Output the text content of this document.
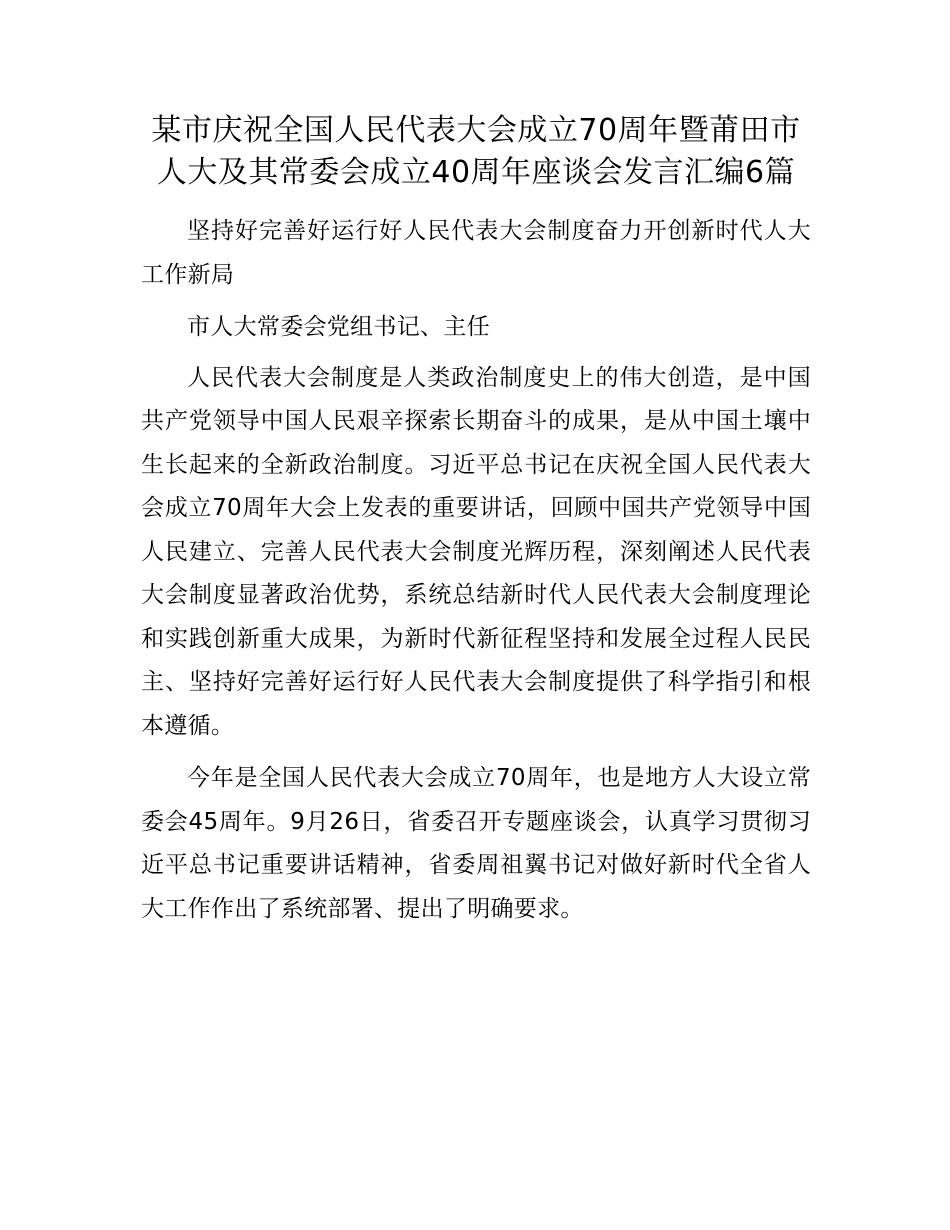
某市庆祝全国人民代表大会成立70周年暨莆田市人大及其常委会成立40周年座谈会发言汇编6篇

坚持好完善好运行好人民代表大会制度奋力开创新时代人大工作新局

市人大常委会党组书记、主任

人民代表大会制度是人类政治制度史上的伟大创造，是中国共产党领导中国人民艰辛探索长期奋斗的成果，是从中国土壤中生长起来的全新政治制度。习近平总书记在庆祝全国人民代表大会成立70周年大会上发表的重要讲话，回顾中国共产党领导中国人民建立、完善人民代表大会制度光辉历程，深刻阐述人民代表大会制度显著政治优势，系统总结新时代人民代表大会制度理论和实践创新重大成果，为新时代新征程坚持和发展全过程人民民主、坚持好完善好运行好人民代表大会制度提供了科学指引和根本遵循。

今年是全国人民代表大会成立70周年，也是地方人大设立常委会45周年。9月26日，省委召开专题座谈会，认真学习贯彻习近平总书记重要讲话精神，省委周祖翼书记对做好新时代全省人大工作作出了系统部署、提出了明确要求。
